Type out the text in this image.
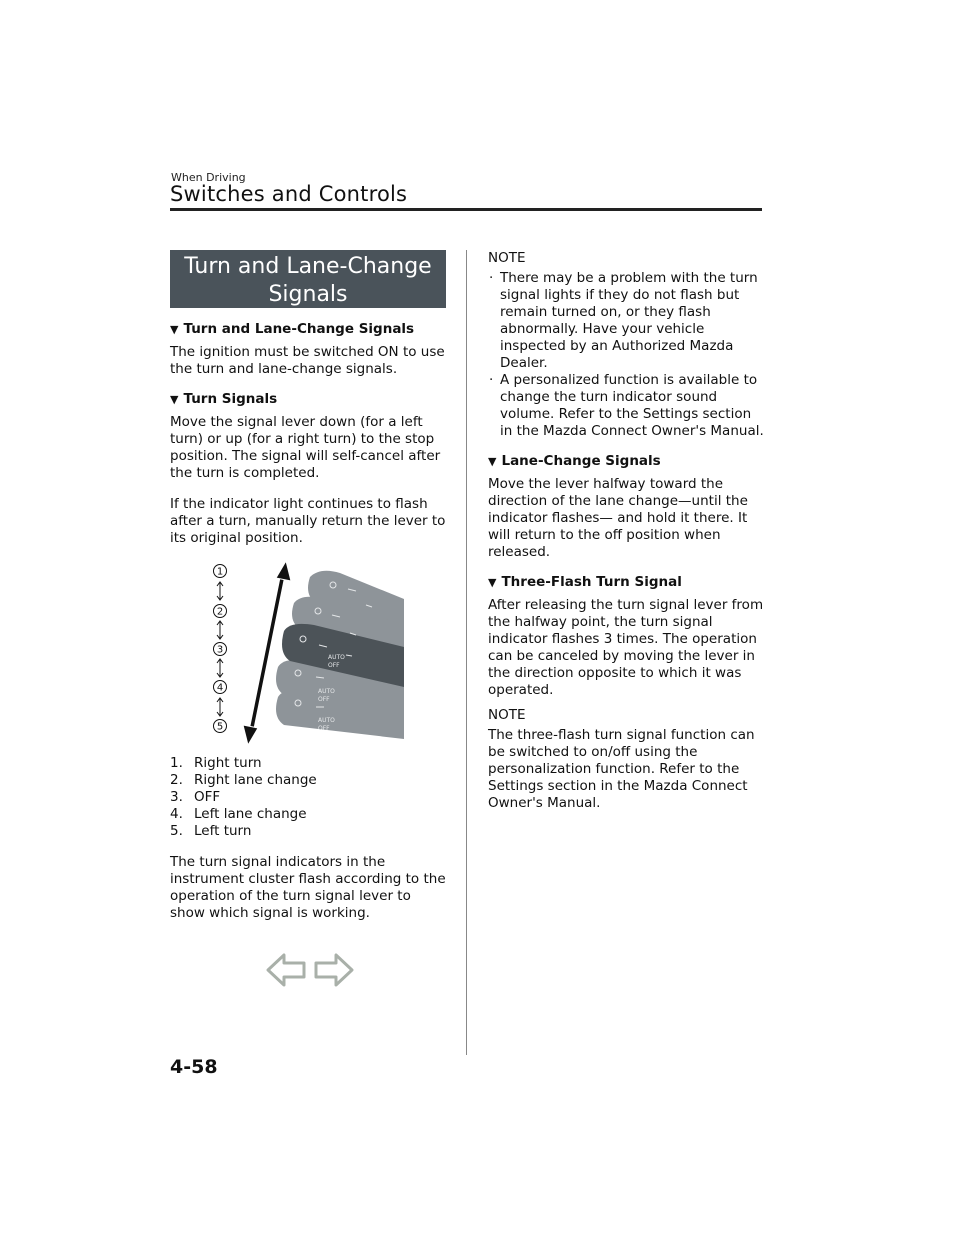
When Driving
Switches and Controls
Turn and Lane-Change
Signals
▼ Turn and Lane-Change Signals

The ignition must be switched ON to use the turn and lane-change signals.

▼ Turn Signals

Move the signal lever down (for a left turn) or up (for a right turn) to the stop position. The signal will self-cancel after the turn is completed.

If the indicator light continues to flash after a turn, manually return the lever to its original position.

AUTO
OFF
AUTO
OFF
AUTO
OFF
1
2
3
4
5
1. Right turn
2. Right lane change
3. OFF
4. Left lane change
5. Left turn

The turn signal indicators in the instrument cluster flash according to the operation of the turn signal lever to show which signal is working.

NOTE

· There may be a problem with the turn signal lights if they do not flash but remain turned on, or they flash abnormally. Have your vehicle inspected by an Authorized Mazda Dealer.

· A personalized function is available to change the turn indicator sound volume. Refer to the Settings section in the Mazda Connect Owner's Manual.

▼ Lane-Change Signals

Move the lever halfway toward the direction of the lane change—until the indicator flashes— and hold it there. It will return to the off position when released.

▼ Three-Flash Turn Signal

After releasing the turn signal lever from the halfway point, the turn signal indicator flashes 3 times. The operation can be canceled by moving the lever in the direction opposite to which it was operated.

NOTE

The three-flash turn signal function can be switched to on/off using the personalization function. Refer to the Settings section in the Mazda Connect Owner's Manual.

4-58
